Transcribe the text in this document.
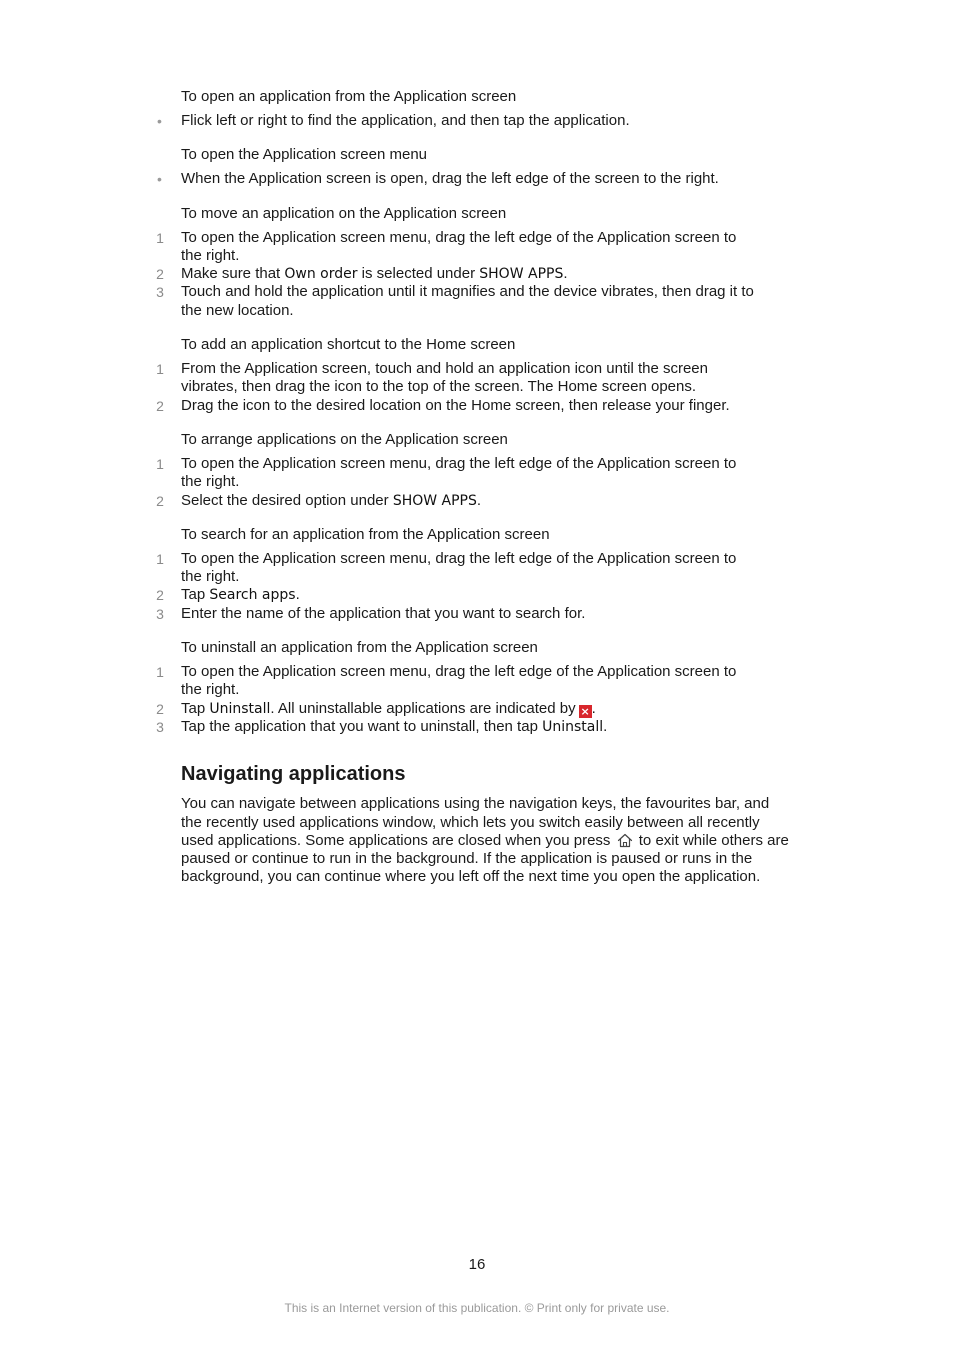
To open an application from the Application screen

• Flick left or right to find the application, and then tap the application.

To open the Application screen menu

• When the Application screen is open, drag the left edge of the screen to the right.

To move an application on the Application screen

1 To open the Application screen menu, drag the left edge of the Application screen to the right.

2 Make sure that Own order is selected under SHOW APPS.

3 Touch and hold the application until it magnifies and the device vibrates, then drag it to the new location.

To add an application shortcut to the Home screen

1 From the Application screen, touch and hold an application icon until the screen vibrates, then drag the icon to the top of the screen. The Home screen opens.

2 Drag the icon to the desired location on the Home screen, then release your finger.

To arrange applications on the Application screen

1 To open the Application screen menu, drag the left edge of the Application screen to the right.

2 Select the desired option under SHOW APPS.

To search for an application from the Application screen

1 To open the Application screen menu, drag the left edge of the Application screen to the right.

2 Tap Search apps.

3 Enter the name of the application that you want to search for.

To uninstall an application from the Application screen

1 To open the Application screen menu, drag the left edge of the Application screen to the right.

2 Tap Uninstall. All uninstallable applications are indicated by × .

3 Tap the application that you want to uninstall, then tap Uninstall.

Navigating applications

You can navigate between applications using the navigation keys, the favourites bar, and the recently used applications window, which lets you switch easily between all recently used applications. Some applications are closed when you press to exit while others are paused or continue to run in the background. If the application is paused or runs in the background, you can continue where you left off the next time you open the application.

16
This is an Internet version of this publication. © Print only for private use.
